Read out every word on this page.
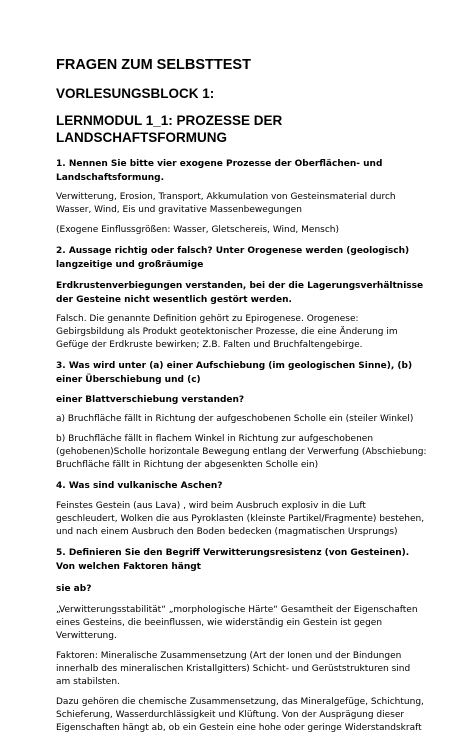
FRAGEN ZUM SELBSTTEST
VORLESUNGSBLOCK 1:
LERNMODUL 1_1: PROZESSE DER
LANDSCHAFTSFORMUNG
1. Nennen Sie bitte vier exogene Prozesse der Oberflächen- und
Landschaftsformung.
Verwitterung, Erosion, Transport, Akkumulation von Gesteinsmaterial durch
Wasser, Wind, Eis und gravitative Massenbewegungen
(Exogene Einflussgrößen: Wasser, Gletschereis, Wind, Mensch)
2. Aussage richtig oder falsch? Unter Orogenese werden (geologisch)
langzeitige und großräumige
Erdkrustenverbiegungen verstanden, bei der die Lagerungsverhältnisse
der Gesteine nicht wesentlich gestört werden.
Falsch. Die genannte Definition gehört zu Epirogenese. Orogenese:
Gebirgsbildung als Produkt geotektonischer Prozesse, die eine Änderung im
Gefüge der Erdkruste bewirken; Z.B. Falten und Bruchfaltengebirge.
3. Was wird unter (a) einer Aufschiebung (im geologischen Sinne), (b)
einer Überschiebung und (c)
einer Blattverschiebung verstanden?
a) Bruchfläche fällt in Richtung der aufgeschobenen Scholle ein (steiler Winkel)
b) Bruchfläche fällt in flachem Winkel in Richtung zur aufgeschobenen
(gehobenen)Scholle horizontale Bewegung entlang der Verwerfung (Abschiebung:
Bruchfläche fällt in Richtung der abgesenkten Scholle ein)
4. Was sind vulkanische Aschen?
Feinstes Gestein (aus Lava) , wird beim Ausbruch explosiv in die Luft
geschleudert, Wolken die aus Pyroklasten (kleinste Partikel/Fragmente) bestehen,
und nach einem Ausbruch den Boden bedecken (magmatischen Ursprungs)
5. Definieren Sie den Begriff Verwitterungsresistenz (von Gesteinen).
Von welchen Faktoren hängt
sie ab?
„Verwitterungsstabilität“ „morphologische Härte“ Gesamtheit der Eigenschaften
eines Gesteins, die beeinflussen, wie widerständig ein Gestein ist gegen
Verwitterung.
Faktoren: Mineralische Zusammensetzung (Art der Ionen und der Bindungen
innerhalb des mineralischen Kristallgitters) Schicht- und Gerüststrukturen sind
am stabilsten.
Dazu gehören die chemische Zusammensetzung, das Mineralgefüge, Schichtung,
Schieferung, Wasserdurchlässigkeit und Klüftung. Von der Ausprägung dieser
Eigenschaften hängt ab, ob ein Gestein eine hohe oder geringe Widerstandskraft
